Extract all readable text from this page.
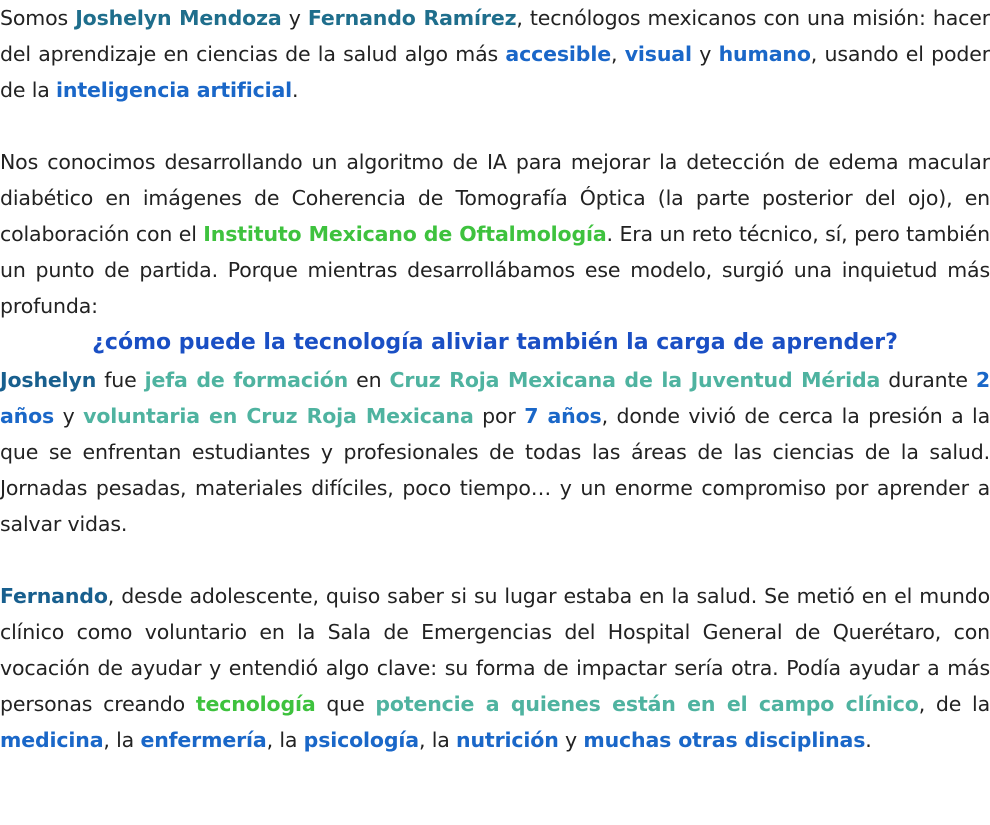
Somos Joshelyn Mendoza y Fernando Ramírez, tecnólogos mexicanos con una misión: hacer del aprendizaje en ciencias de la salud algo más accesible, visual y humano, usando el poder de la inteligencia artificial.

Nos conocimos desarrollando un algoritmo de IA para mejorar la detección de edema macular diabético en imágenes de Coherencia de Tomografía Óptica (la parte posterior del ojo), en colaboración con el Instituto Mexicano de Oftalmología. Era un reto técnico, sí, pero también un punto de partida. Porque mientras desarrollábamos ese modelo, surgió una inquietud más profunda:

¿cómo puede la tecnología aliviar también la carga de aprender?

Joshelyn fue jefa de formación en Cruz Roja Mexicana de la Juventud Mérida durante 2 años y voluntaria en Cruz Roja Mexicana por 7 años, donde vivió de cerca la presión a la que se enfrentan estudiantes y profesionales de todas las áreas de las ciencias de la salud. Jornadas pesadas, materiales difíciles, poco tiempo… y un enorme compromiso por aprender a salvar vidas.

Fernando, desde adolescente, quiso saber si su lugar estaba en la salud. Se metió en el mundo clínico como voluntario en la Sala de Emergencias del Hospital General de Querétaro, con vocación de ayudar y entendió algo clave: su forma de impactar sería otra. Podía ayudar a más personas creando tecnología que potencie a quienes están en el campo clínico, de la medicina, la enfermería, la psicología, la nutrición y muchas otras disciplinas.
